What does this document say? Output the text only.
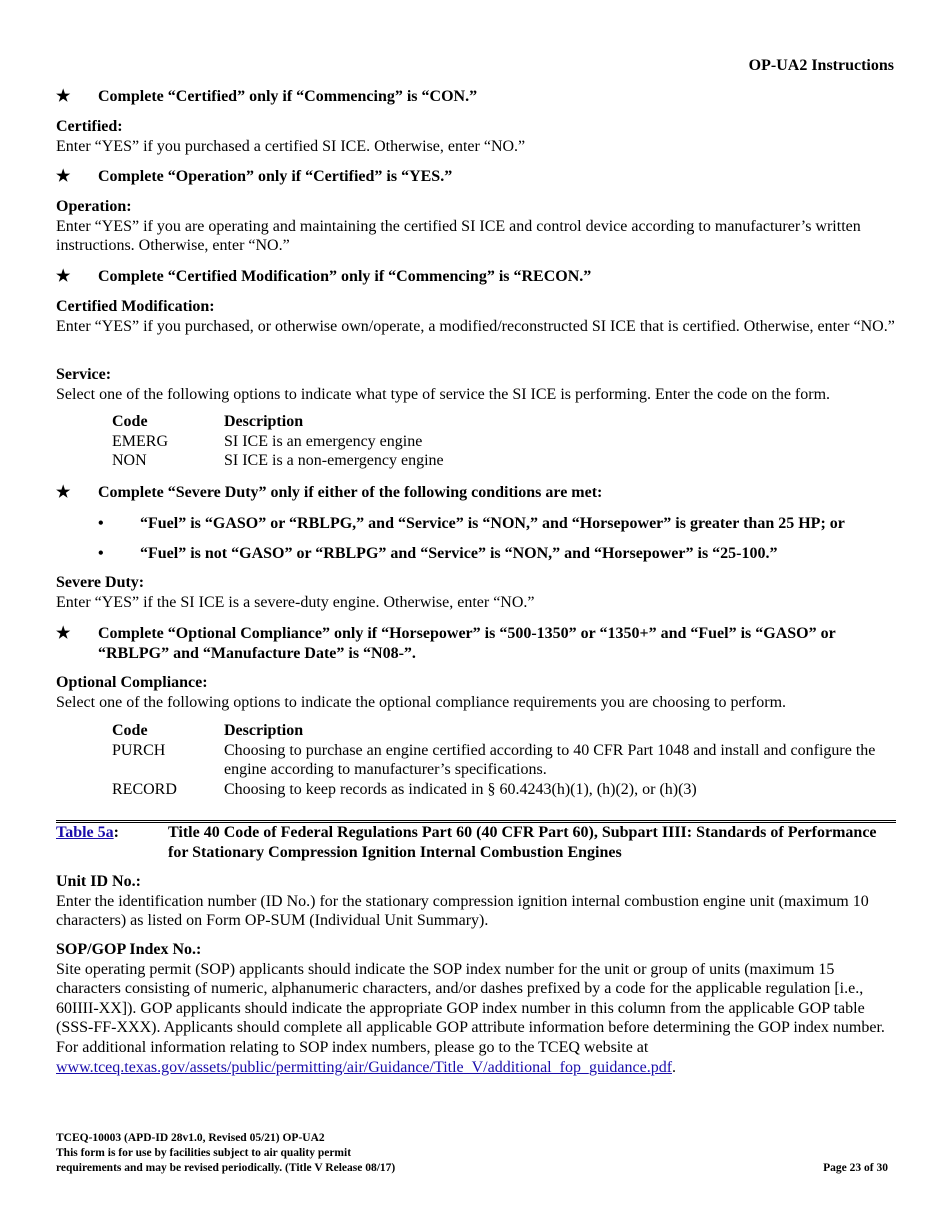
OP-UA2 Instructions
★	Complete “Certified” only if “Commencing” is “CON.”
Certified:
Enter “YES” if you purchased a certified SI ICE. Otherwise, enter “NO.”
★	Complete “Operation” only if “Certified” is “YES.”
Operation:
Enter “YES” if you are operating and maintaining the certified SI ICE and control device according to manufacturer’s written instructions. Otherwise, enter “NO.”
★	Complete “Certified Modification” only if “Commencing” is “RECON.”
Certified Modification:
Enter “YES” if you purchased, or otherwise own/operate, a modified/reconstructed SI ICE that is certified. Otherwise, enter “NO.”
Service:
Select one of the following options to indicate what type of service the SI ICE is performing. Enter the code on the form.
Code	Description
EMERG	SI ICE is an emergency engine
NON	SI ICE is a non-emergency engine
★	Complete “Severe Duty” only if either of the following conditions are met:
•	“Fuel” is “GASO” or “RBLPG,” and “Service” is “NON,” and “Horsepower” is greater than 25 HP; or
•	“Fuel” is not “GASO” or “RBLPG” and “Service” is “NON,” and “Horsepower” is “25-100.”
Severe Duty:
Enter “YES” if the SI ICE is a severe-duty engine. Otherwise, enter “NO.”
★	Complete “Optional Compliance” only if “Horsepower” is “500-1350” or “1350+” and “Fuel” is “GASO” or “RBLPG” and “Manufacture Date” is “N08-”.
Optional Compliance:
Select one of the following options to indicate the optional compliance requirements you are choosing to perform.
Code	Description
PURCH	Choosing to purchase an engine certified according to 40 CFR Part 1048 and install and configure the engine according to manufacturer’s specifications.
RECORD	Choosing to keep records as indicated in § 60.4243(h)(1), (h)(2), or (h)(3)
Table 5a:	Title 40 Code of Federal Regulations Part 60 (40 CFR Part 60), Subpart IIII: Standards of Performance for Stationary Compression Ignition Internal Combustion Engines
Unit ID No.:
Enter the identification number (ID No.) for the stationary compression ignition internal combustion engine unit (maximum 10 characters) as listed on Form OP-SUM (Individual Unit Summary).
SOP/GOP Index No.:
Site operating permit (SOP) applicants should indicate the SOP index number for the unit or group of units (maximum 15 characters consisting of numeric, alphanumeric characters, and/or dashes prefixed by a code for the applicable regulation [i.e., 60IIII-XX]). GOP applicants should indicate the appropriate GOP index number in this column from the applicable GOP table (SSS-FF-XXX). Applicants should complete all applicable GOP attribute information before determining the GOP index number. For additional information relating to SOP index numbers, please go to the TCEQ website at www.tceq.texas.gov/assets/public/permitting/air/Guidance/Title_V/additional_fop_guidance.pdf.
TCEQ-10003 (APD-ID 28v1.0, Revised 05/21) OP-UA2
This form is for use by facilities subject to air quality permit
requirements and may be revised periodically. (Title V Release 08/17)	Page 23 of 30
